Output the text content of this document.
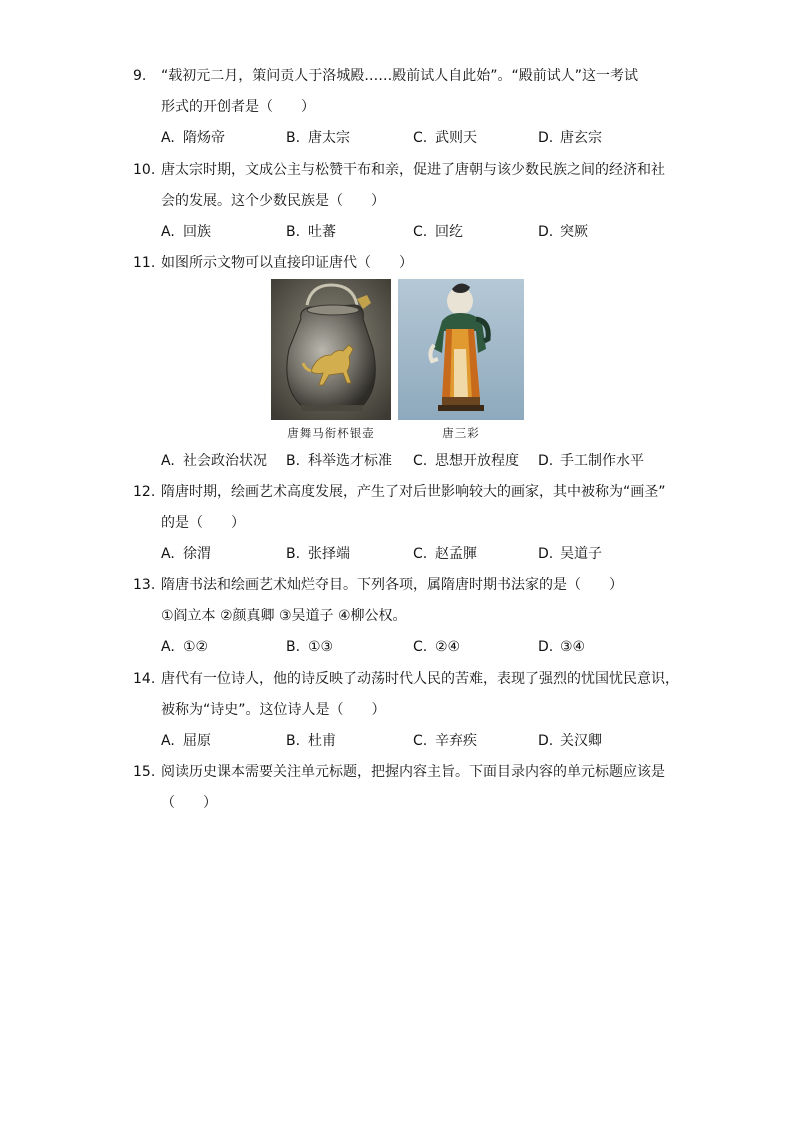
9. “载初元二月，策问贡人于洛城殿……殿前试人自此始”。“殿前试人”这一考试
形式的开创者是（　　）
A. 隋炀帝	B. 唐太宗	C. 武则天	D. 唐玄宗
10. 唐太宗时期，文成公主与松赞干布和亲，促进了唐朝与该少数民族之间的经济和社
会的发展。这个少数民族是（　　）
A. 回族	B. 吐蕃	C. 回纥	D. 突厥
11. 如图所示文物可以直接印证唐代（　　）
唐舞马衔杯银壶	唐三彩
A. 社会政治状况 B. 科举选才标准 C. 思想开放程度 D. 手工制作水平
12. 隋唐时期，绘画艺术高度发展，产生了对后世影响较大的画家，其中被称为“画圣”
的是（　　）
A. 徐渭	B. 张择端	C. 赵孟腪	D. 吴道子
13. 隋唐书法和绘画艺术灿烂夺目。下列各项，属隋唐时期书法家的是（　　）
①阎立本 ②颜真卿 ③吴道子 ④柳公权。
A. ①②	B. ①③	C. ②④	D. ③④
14. 唐代有一位诗人，他的诗反映了动荡时代人民的苦难，表现了强烈的忧国忧民意识，
被称为“诗史”。这位诗人是（　　）
A. 屈原	B. 杜甫	C. 辛弃疾	D. 关汉卿
15. 阅读历史课本需要关注单元标题，把握内容主旨。下面目录内容的单元标题应该是
（　　）
